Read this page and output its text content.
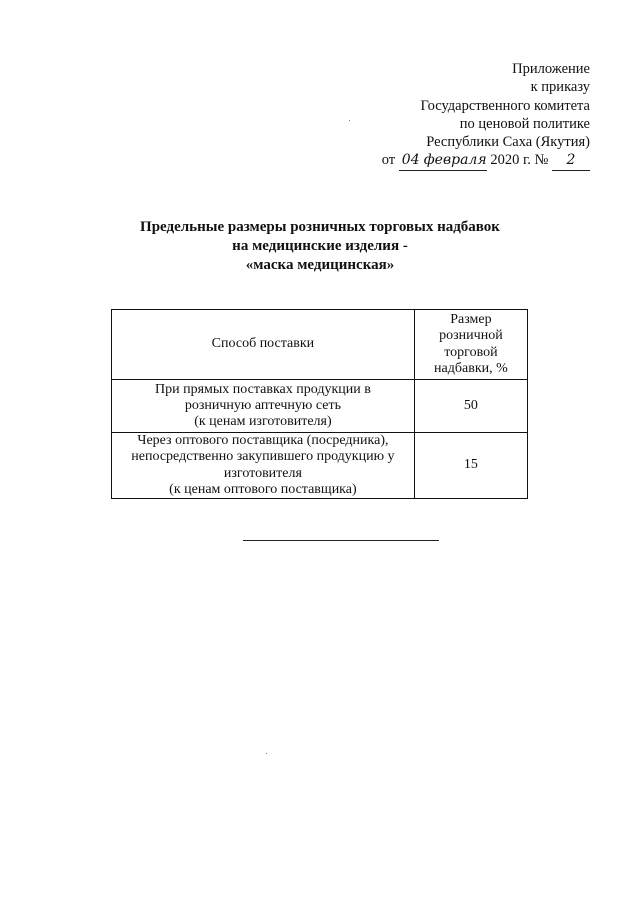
Приложение
к приказу
Государственного комитета
по ценовой политике
Республики Саха (Якутия)
от 04 февраля 2020 г. № 2
Предельные размеры розничных торговых надбавок
на медицинские изделия -
«маска медицинская»
Способ поставки	Размер
розничной
торговой
надбавки, %

При прямых поставках продукции в
розничную аптечную сеть
(к ценам изготовителя)	50

Через оптового поставщика (посредника),
непосредственно закупившего продукцию у
изготовителя
(к ценам оптового поставщика)	15
